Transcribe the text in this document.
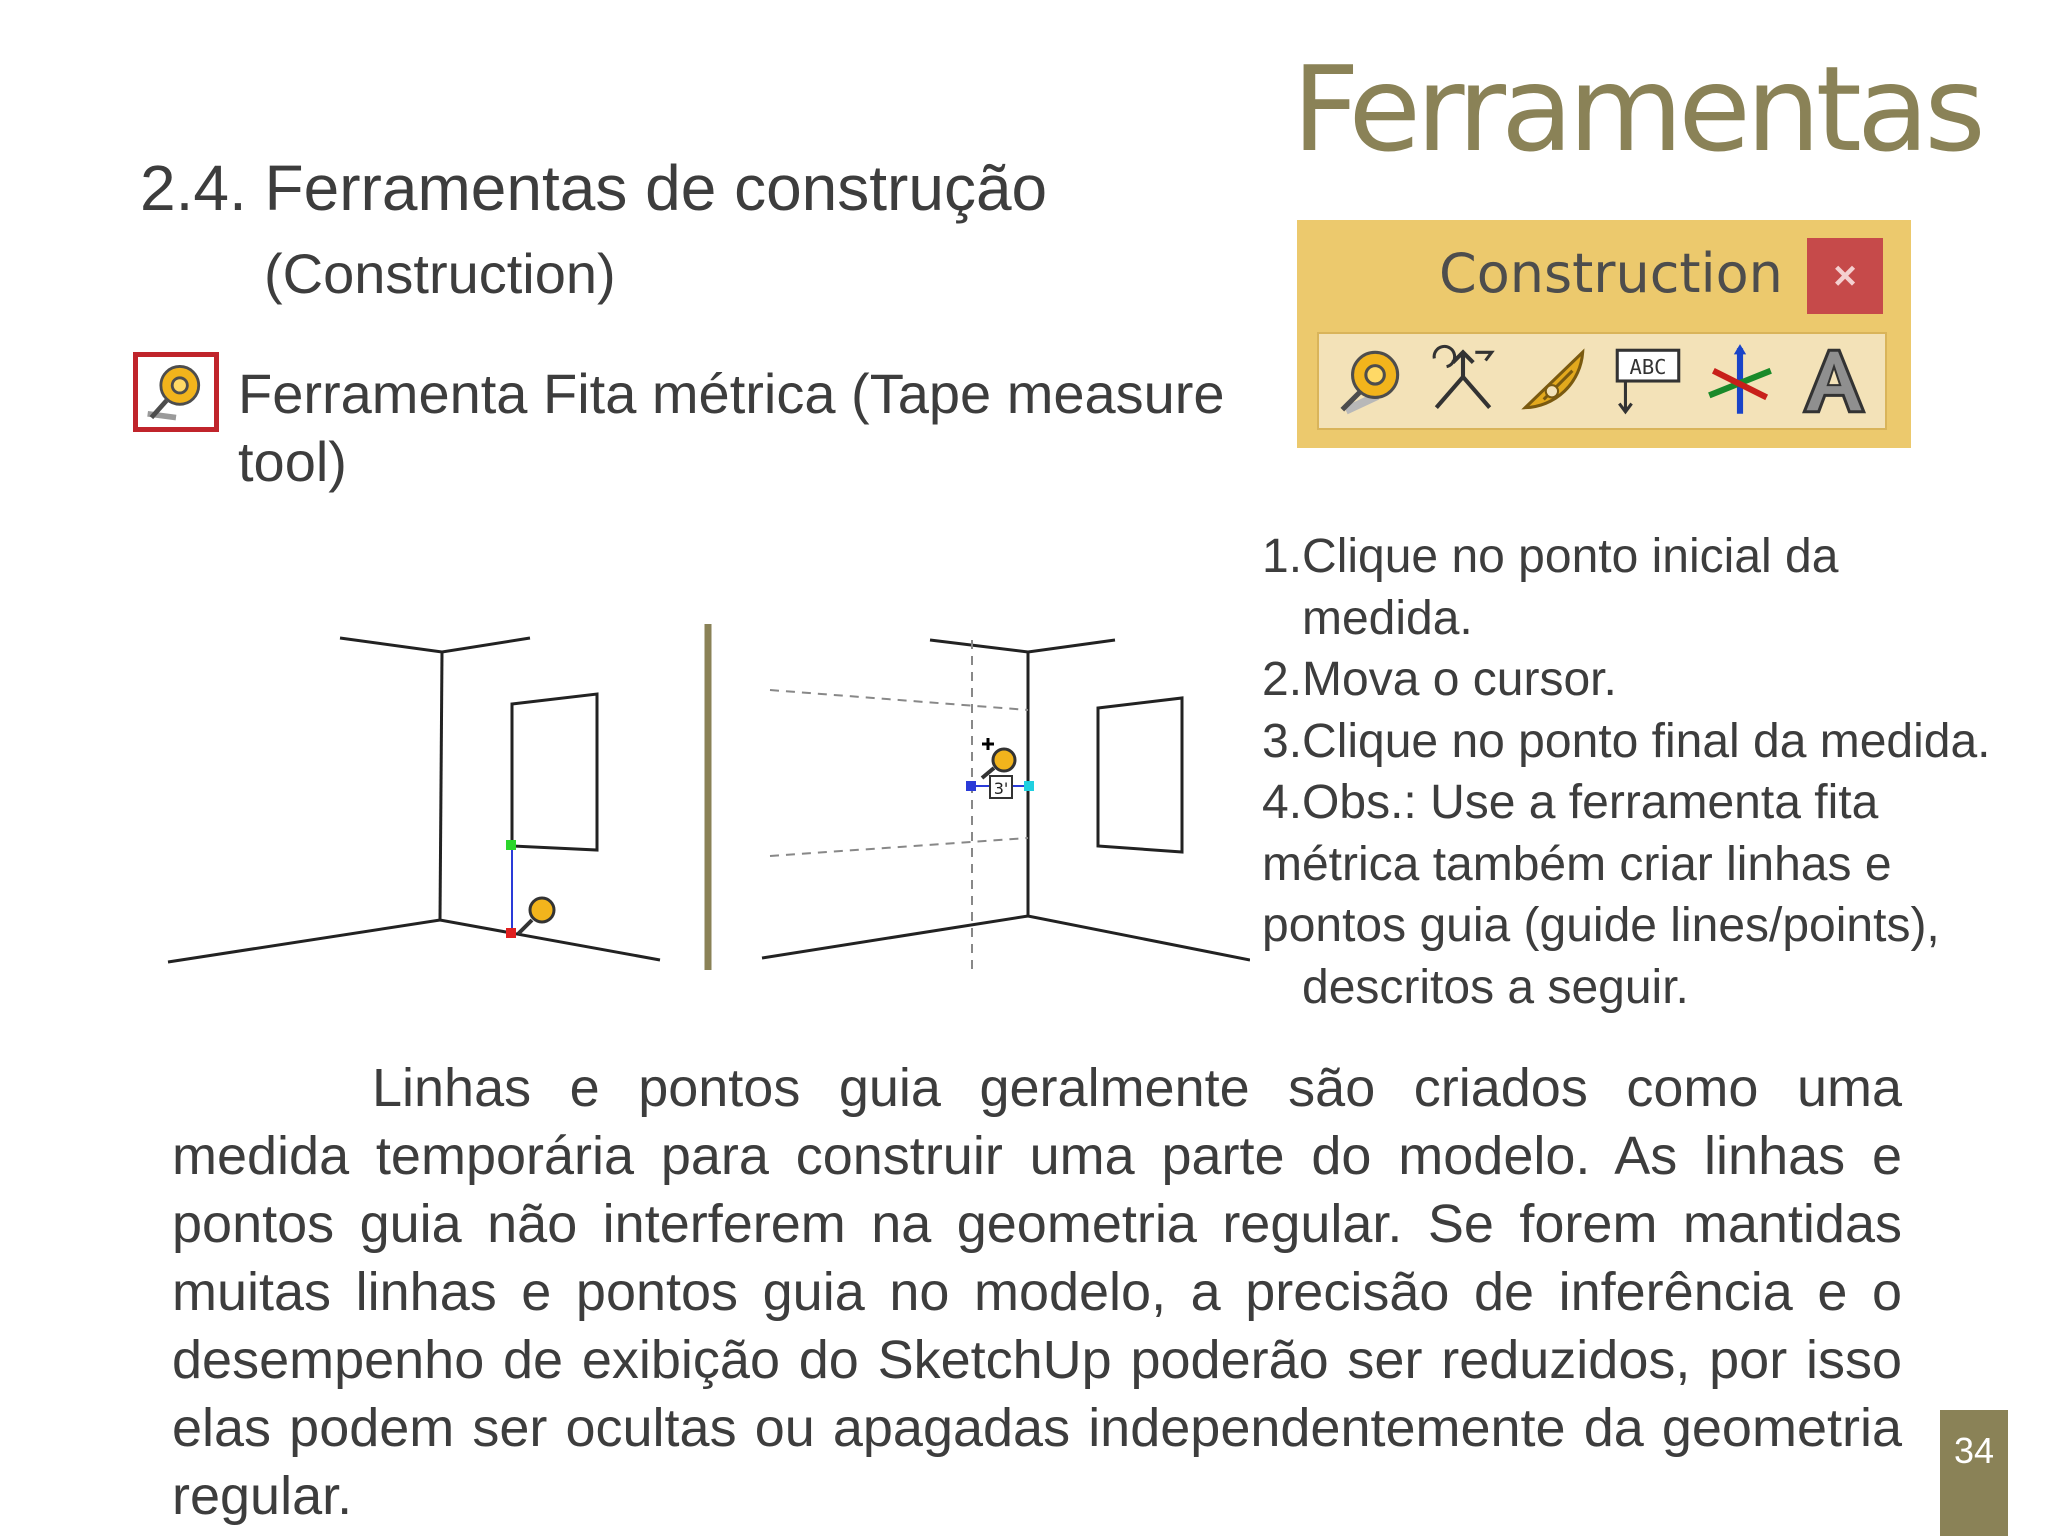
Ferramentas
2.4. Ferramentas de construção
(Construction)	Construction	×
ABC
Ferramenta Fita métrica (Tape measure tool)
3'
1.Clique no ponto inicial da
medida.
2.Mova o cursor.
3.Clique no ponto final da medida.
4.Obs.: Use a ferramenta fita
métrica também criar linhas e
pontos guia (guide lines/points),
descritos a seguir.

Linhas e pontos guia geralmente são criados como uma medida temporária para construir uma parte do modelo. As linhas e pontos guia não interferem na geometria regular. Se forem mantidas muitas linhas e pontos guia no modelo, a precisão de inferência e o desempenho de exibição do SketchUp poderão ser reduzidos, por isso elas podem ser ocultas ou apagadas independentemente da geometria regular.

34
